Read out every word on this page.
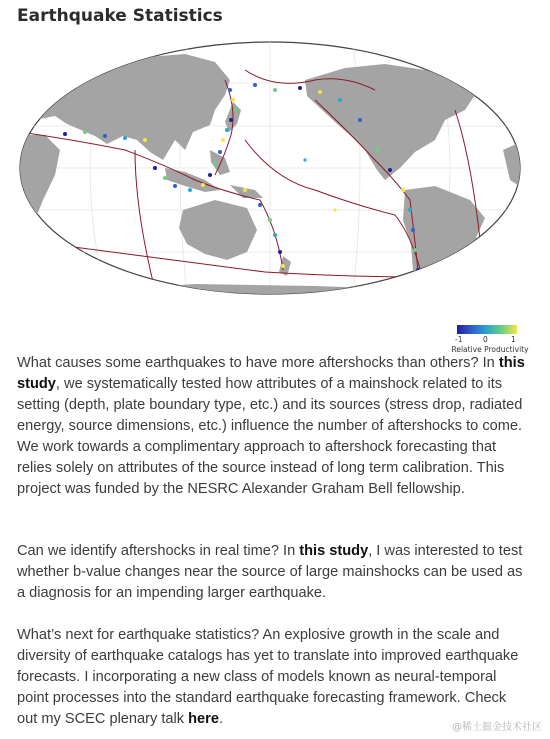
Earthquake Statistics
-1	0	1
Relative Productivity

What causes some earthquakes to have more aftershocks than others? In this study, we systematically tested how attributes of a mainshock related to its setting (depth, plate boundary type, etc.) and its sources (stress drop, radiated energy, source dimensions, etc.) influence the number of aftershocks to come. We work towards a complimentary approach to aftershock forecasting that relies solely on attributes of the source instead of long term calibration. This project was funded by the NESRC Alexander Graham Bell fellowship.

Can we identify aftershocks in real time? In this study, I was interested to test whether b-value changes near the source of large mainshocks can be used as a diagnosis for an impending larger earthquake.

What’s next for earthquake statistics? An explosive growth in the scale and diversity of earthquake catalogs has yet to translate into improved earthquake forecasts. I incorporating a new class of models known as neural-temporal point processes into the standard earthquake forecasting framework. Check out my SCEC plenary talk here.

@稀土掘金技术社区
